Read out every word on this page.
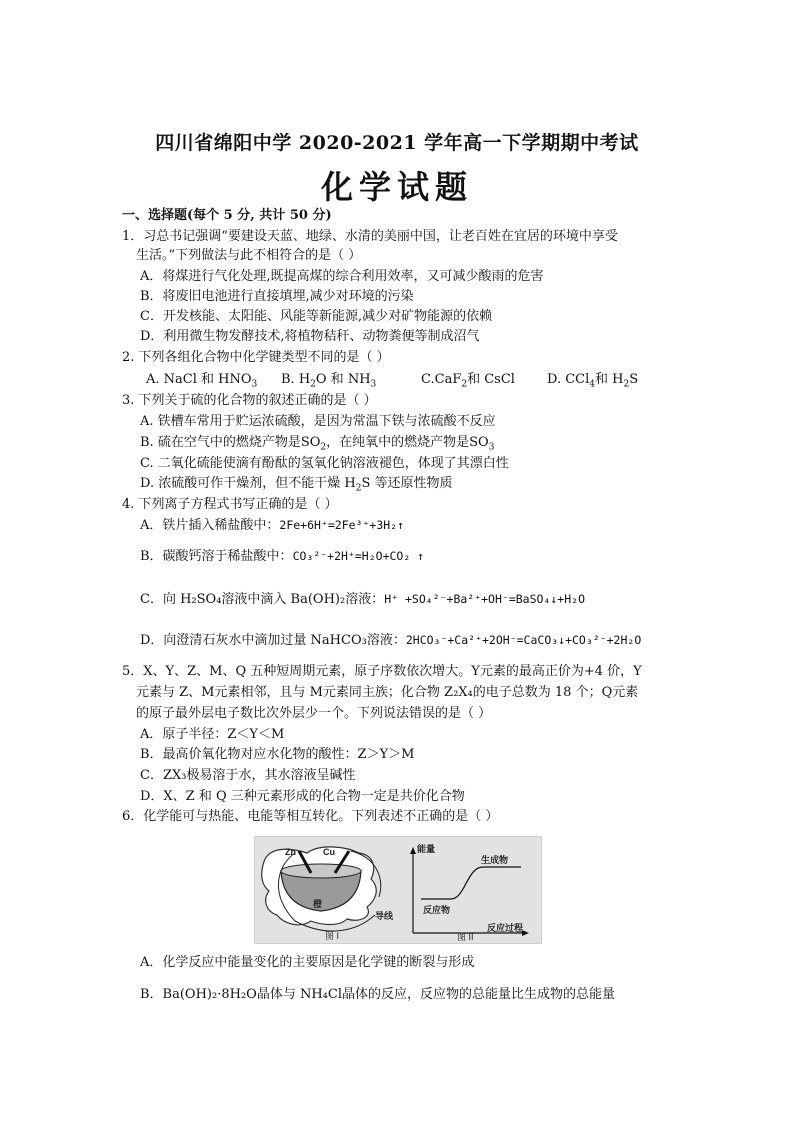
四川省绵阳中学 2020-2021 学年高一下学期期中考试
化学试题
一、选择题(每个 5 分, 共计 50 分)
1．习总书记强调“要建设天蓝、地绿、水清的美丽中国，让老百姓在宜居的环境中享受
生活。”下列做法与此不相符合的是（ ）
A．将煤进行气化处理,既提高煤的综合利用效率，又可减少酸雨的危害
B．将废旧电池进行直接填埋,减少对环境的污染
C．开发核能、太阳能、风能等新能源,减少对矿物能源的依赖
D．利用微生物发酵技术,将植物秸秆、动物粪便等制成沼气
2. 下列各组化合物中化学键类型不同的是（ ）
A. NaCl 和 $HNO_3$ B. $H_2O$ 和 $NH_3$	C.CaF$_2$和 CsCl D. CCl$_4$和 $H_2S$
3. 下列关于硫的化合物的叙述正确的是（ ）
A. 铁槽车常用于贮运浓硫酸，是因为常温下铁与浓硫酸不反应
B. 硫在空气中的燃烧产物是$SO_2$，在纯氧中的燃烧产物是$SO_3$
C. 二氧化硫能使滴有酚酞的氢氧化钠溶液褪色，体现了其漂白性
D. 浓硫酸可作干燥剂，但不能干燥 $H_2S$ 等还原性物质
4. 下列离子方程式书写正确的是（ ）
A．铁片插入稀盐酸中：2Fe+6H⁺=2Fe³⁺+3H₂↑
B．碳酸钙溶于稀盐酸中：CO₃²⁻+2H⁺=H₂O+CO₂ ↑
C．向 H₂SO₄溶液中滴入 Ba(OH)₂溶液：H⁺ +SO₄²⁻+Ba²⁺+OH⁻=BaSO₄↓+H₂O
D．向澄清石灰水中滴加过量 NaHCO₃溶液：2HCO₃⁻+Ca²⁺+2OH⁻=CaCO₃↓+CO₃²⁻+2H₂O
5．X、Y、Z、M、Q 五种短周期元素，原子序数依次增大。Y元素的最高正价为+4 价，Y
元素与 Z、M元素相邻，且与 M元素同主族；化合物 Z₂X₄的电子总数为 18 个；Q元素
的原子最外层电子数比次外层少一个。下列说法错误的是（ ）
A．原子半径：Z＜Y＜M
B．最高价氧化物对应水化物的酸性：Z＞Y＞M
C．ZX₃极易溶于水，其水溶液呈碱性
D．X、Z 和 Q 三种元素形成的化合物一定是共价化合物
6．化学能可与热能、电能等相互转化。下列表述不正确的是（ ）
Zn	Cu
橙
导线
图 I
能量
生成物
反应物
反应过程
图 II
A．化学反应中能量变化的主要原因是化学键的断裂与形成
B．Ba(OH)₂·8H₂O晶体与 NH₄Cl晶体的反应，反应物的总能量比生成物的总能量
